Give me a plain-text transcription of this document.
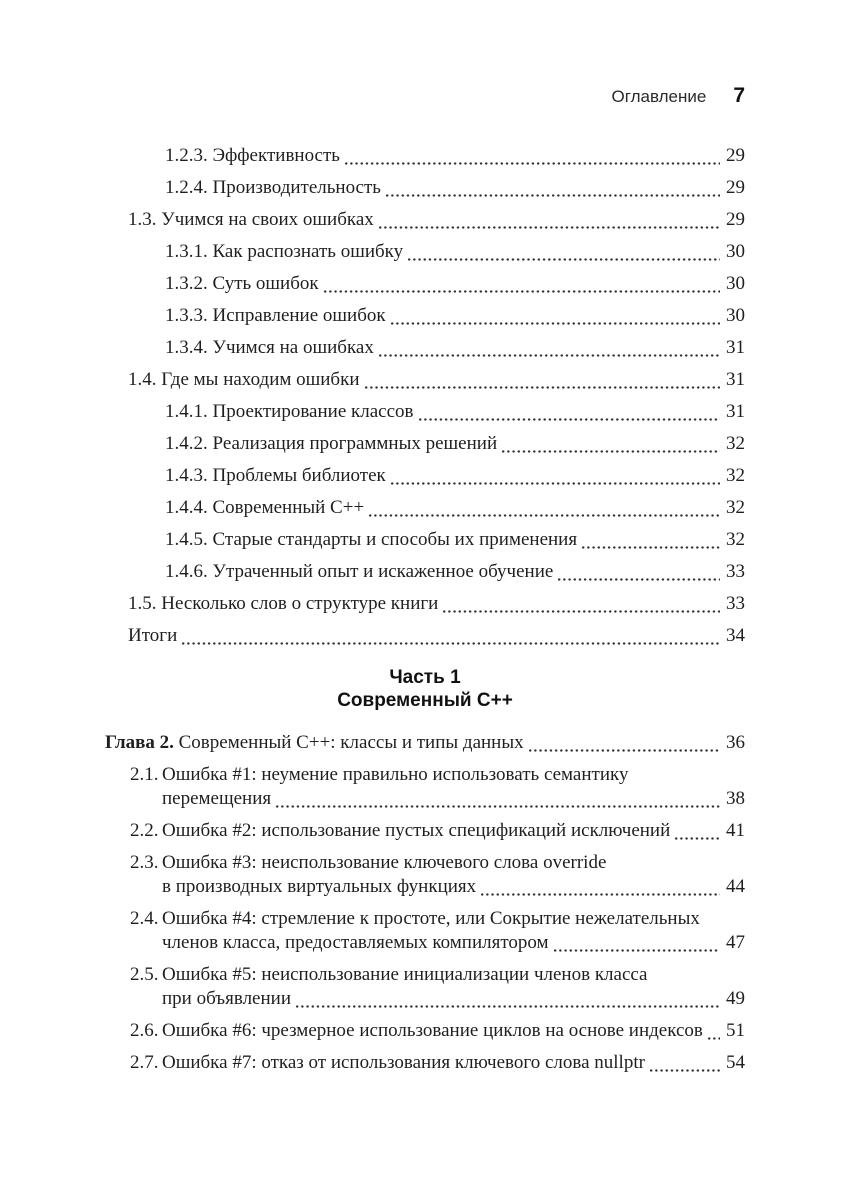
Оглавление 7
1.2.3. Эффективность	29
1.2.4. Производительность	29
1.3. Учимся на своих ошибках	29
1.3.1. Как распознать ошибку	30
1.3.2. Суть ошибок	30
1.3.3. Исправление ошибок	30
1.3.4. Учимся на ошибках	31
1.4. Где мы находим ошибки	31
1.4.1. Проектирование классов	31
1.4.2. Реализация программных решений	32
1.4.3. Проблемы библиотек	32
1.4.4. Современный C++	32
1.4.5. Старые стандарты и способы их применения	32
1.4.6. Утраченный опыт и искаженное обучение	33
1.5. Несколько слов о структуре книги	33
Итоги	34
Часть 1
Современный C++
Глава 2. Современный C++: классы и типы данных	36
2.1. Ошибка #1: неумение правильно использовать семантику
перемещения	38
2.2. Ошибка #2: использование пустых спецификаций исключений	41
2.3. Ошибка #3: неиспользование ключевого слова override
в производных виртуальных функциях	44
2.4. Ошибка #4: стремление к простоте, или Сокрытие нежелательных
членов класса, предоставляемых компилятором	47
2.5. Ошибка #5: неиспользование инициализации членов класса
при объявлении	49
2.6. Ошибка #6: чрезмерное использование циклов на основе индексов 51
2.7. Ошибка #7: отказ от использования ключевого слова nullptr	54
